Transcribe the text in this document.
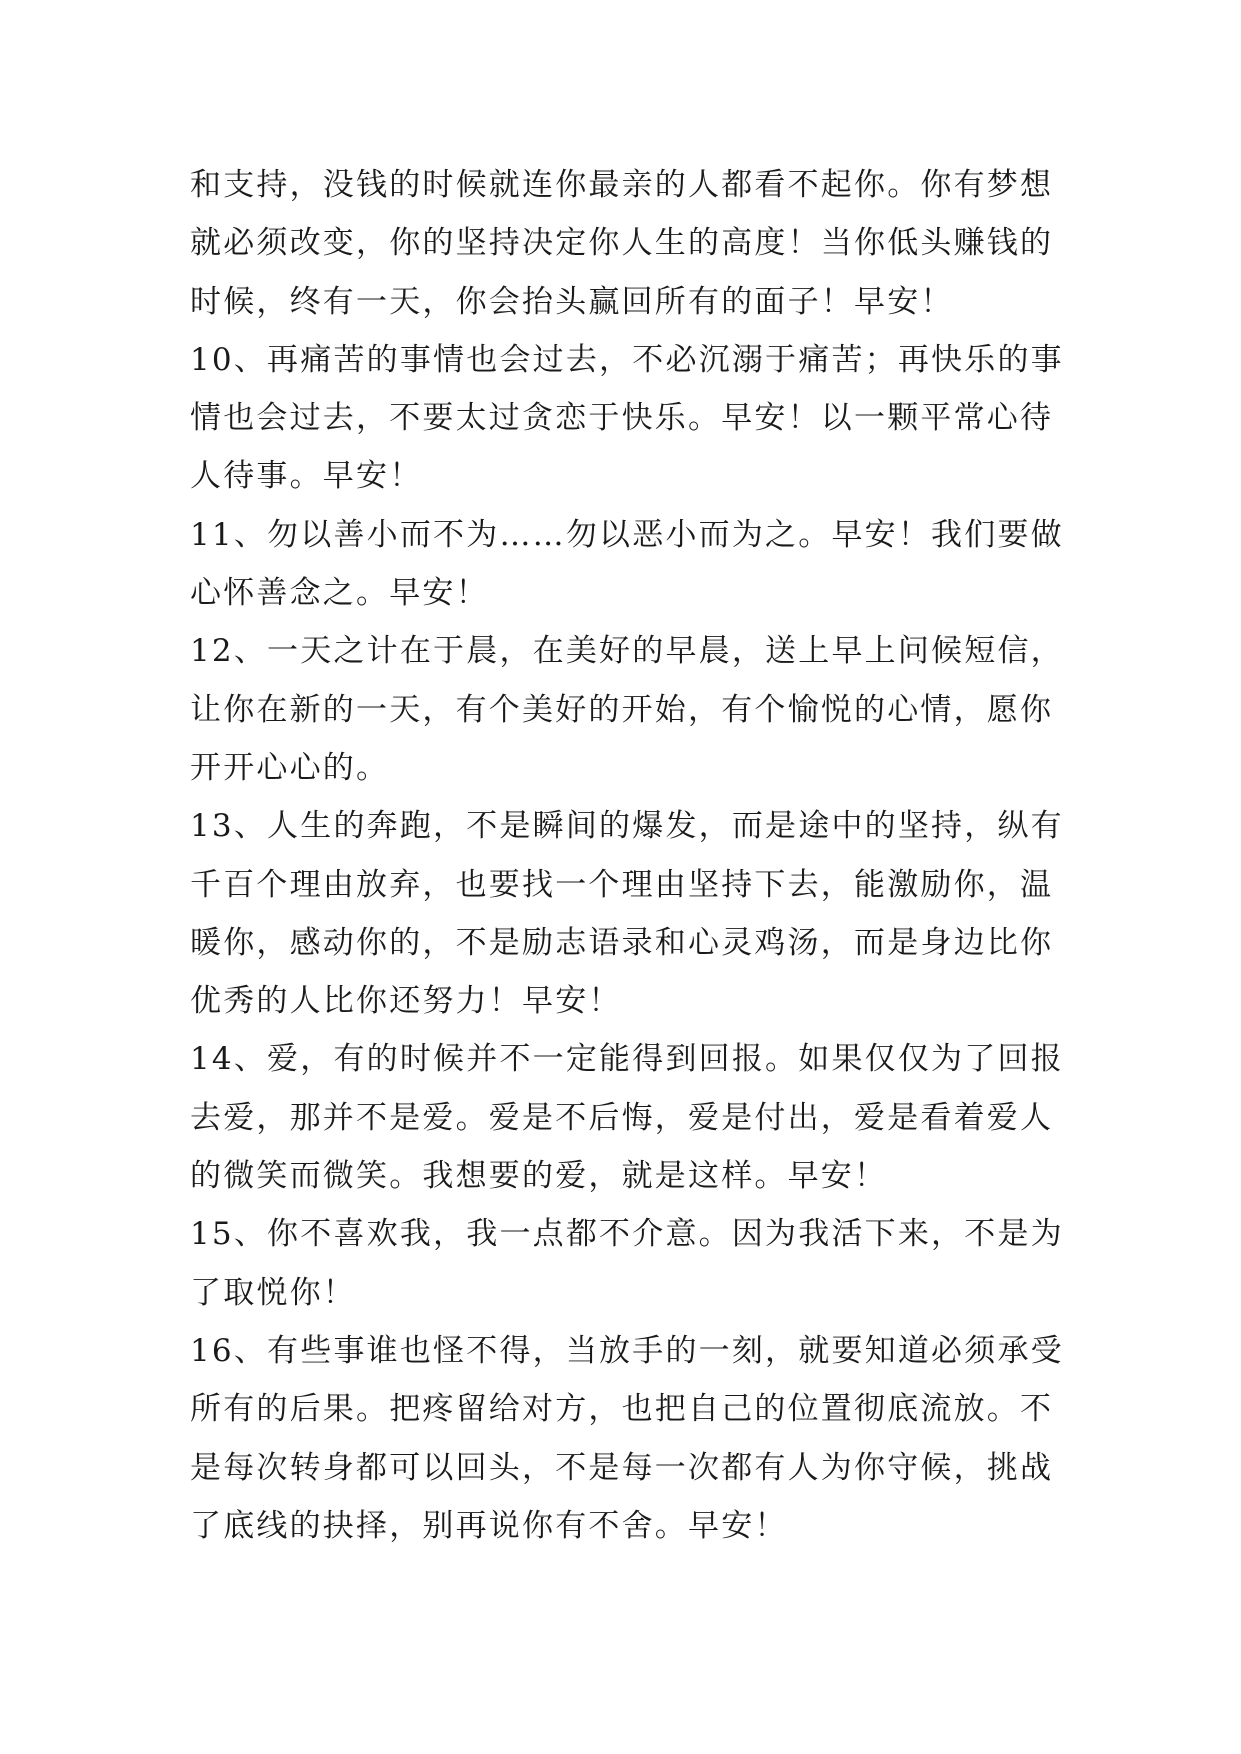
和支持，没钱的时候就连你最亲的人都看不起你。你有梦想
就必须改变，你的坚持决定你人生的高度！当你低头赚钱的
时候，终有一天，你会抬头赢回所有的面子！早安！
10、再痛苦的事情也会过去，不必沉溺于痛苦；再快乐的事
情也会过去，不要太过贪恋于快乐。早安！以一颗平常心待
人待事。早安！
11、勿以善小而不为……勿以恶小而为之。早安！我们要做
心怀善念之。早安！
12、一天之计在于晨，在美好的早晨，送上早上问候短信，
让你在新的一天，有个美好的开始，有个愉悦的心情，愿你
开开心心的。
13、人生的奔跑，不是瞬间的爆发，而是途中的坚持，纵有
千百个理由放弃，也要找一个理由坚持下去，能激励你，温
暖你，感动你的，不是励志语录和心灵鸡汤，而是身边比你
优秀的人比你还努力！早安！
14、爱，有的时候并不一定能得到回报。如果仅仅为了回报
去爱，那并不是爱。爱是不后悔，爱是付出，爱是看着爱人
的微笑而微笑。我想要的爱，就是这样。早安！
15、你不喜欢我，我一点都不介意。因为我活下来，不是为
了取悦你！
16、有些事谁也怪不得，当放手的一刻，就要知道必须承受
所有的后果。把疼留给对方，也把自己的位置彻底流放。不
是每次转身都可以回头，不是每一次都有人为你守候，挑战
了底线的抉择，别再说你有不舍。早安！
